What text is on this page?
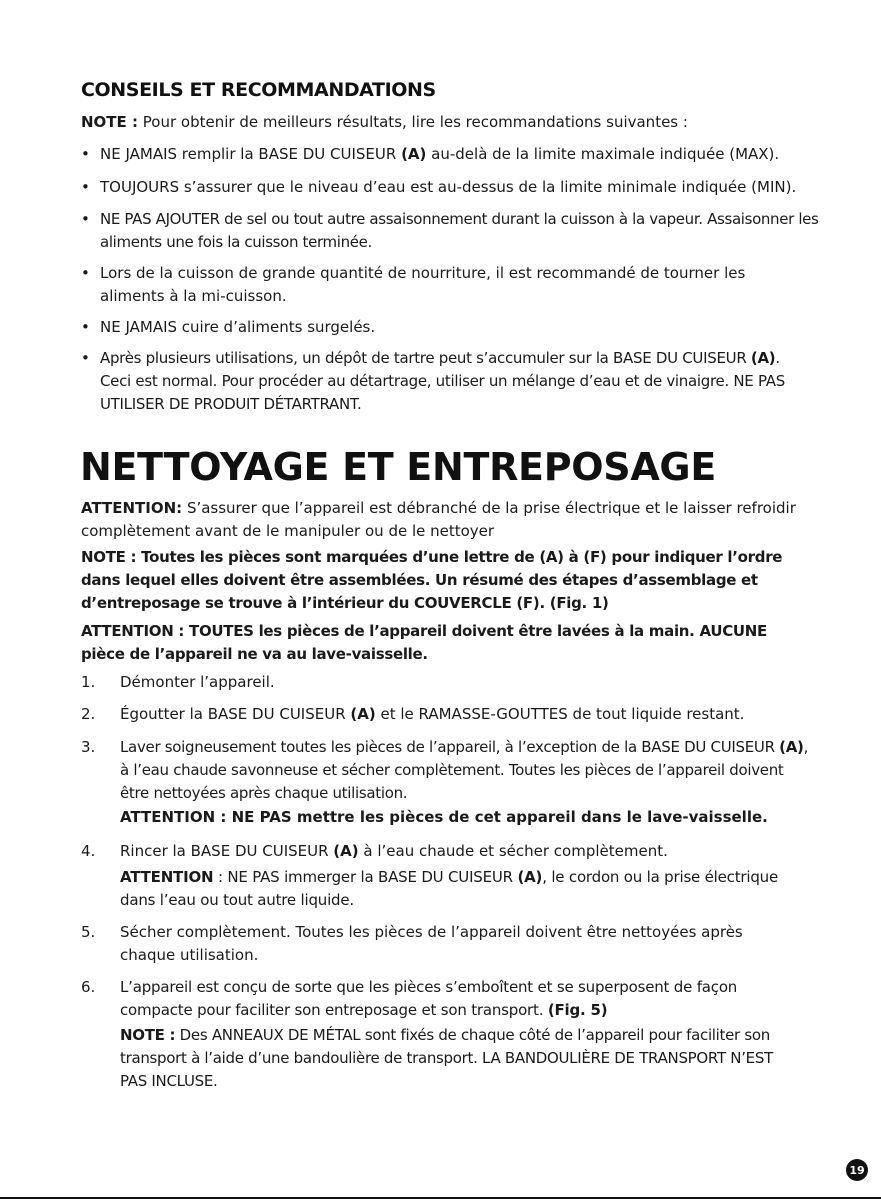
CONSEILS ET RECOMMANDATIONS

NOTE : Pour obtenir de meilleurs résultats, lire les recommandations suivantes :

• NE JAMAIS remplir la BASE DU CUISEUR (A) au-delà de la limite maximale indiquée (MAX).

• TOUJOURS s’assurer que le niveau d’eau est au-dessus de la limite minimale indiquée (MIN).

• NE PAS AJOUTER de sel ou tout autre assaisonnement durant la cuisson à la vapeur. Assaisonner les aliments une fois la cuisson terminée.

• Lors de la cuisson de grande quantité de nourriture, il est recommandé de tourner les aliments à la mi-cuisson.

• NE JAMAIS cuire d’aliments surgelés.

• Après plusieurs utilisations, un dépôt de tartre peut s’accumuler sur la BASE DU CUISEUR (A). Ceci est normal. Pour procéder au détartrage, utiliser un mélange d’eau et de vinaigre. NE PAS UTILISER DE PRODUIT DÉTARTRANT.

NETTOYAGE ET ENTREPOSAGE

ATTENTION: S’assurer que l’appareil est débranché de la prise électrique et le laisser refroidir complètement avant de le manipuler ou de le nettoyer

NOTE : Toutes les pièces sont marquées d’une lettre de (A) à (F) pour indiquer l’ordre dans lequel elles doivent être assemblées. Un résumé des étapes d’assemblage et d’entreposage se trouve à l’intérieur du COUVERCLE (F). (Fig. 1)

ATTENTION : TOUTES les pièces de l’appareil doivent être lavées à la main. AUCUNE pièce de l’appareil ne va au lave-vaisselle.

1. Démonter l’appareil.

2. Égoutter la BASE DU CUISEUR (A) et le RAMASSE-GOUTTES de tout liquide restant.

3. Laver soigneusement toutes les pièces de l’appareil, à l’exception de la BASE DU CUISEUR (A), à l’eau chaude savonneuse et sécher complètement. Toutes les pièces de l’appareil doivent être nettoyées après chaque utilisation.

ATTENTION : NE PAS mettre les pièces de cet appareil dans le lave-vaisselle.

4. Rincer la BASE DU CUISEUR (A) à l’eau chaude et sécher complètement.

ATTENTION : NE PAS immerger la BASE DU CUISEUR (A), le cordon ou la prise électrique dans l’eau ou tout autre liquide.

5. Sécher complètement. Toutes les pièces de l’appareil doivent être nettoyées après chaque utilisation.

6. L’appareil est conçu de sorte que les pièces s’emboîtent et se superposent de façon compacte pour faciliter son entreposage et son transport. (Fig. 5)

NOTE : Des ANNEAUX DE MÉTAL sont fixés de chaque côté de l’appareil pour faciliter son transport à l’aide d’une bandoulière de transport. LA BANDOULIÈRE DE TRANSPORT N’EST PAS INCLUSE.

19
